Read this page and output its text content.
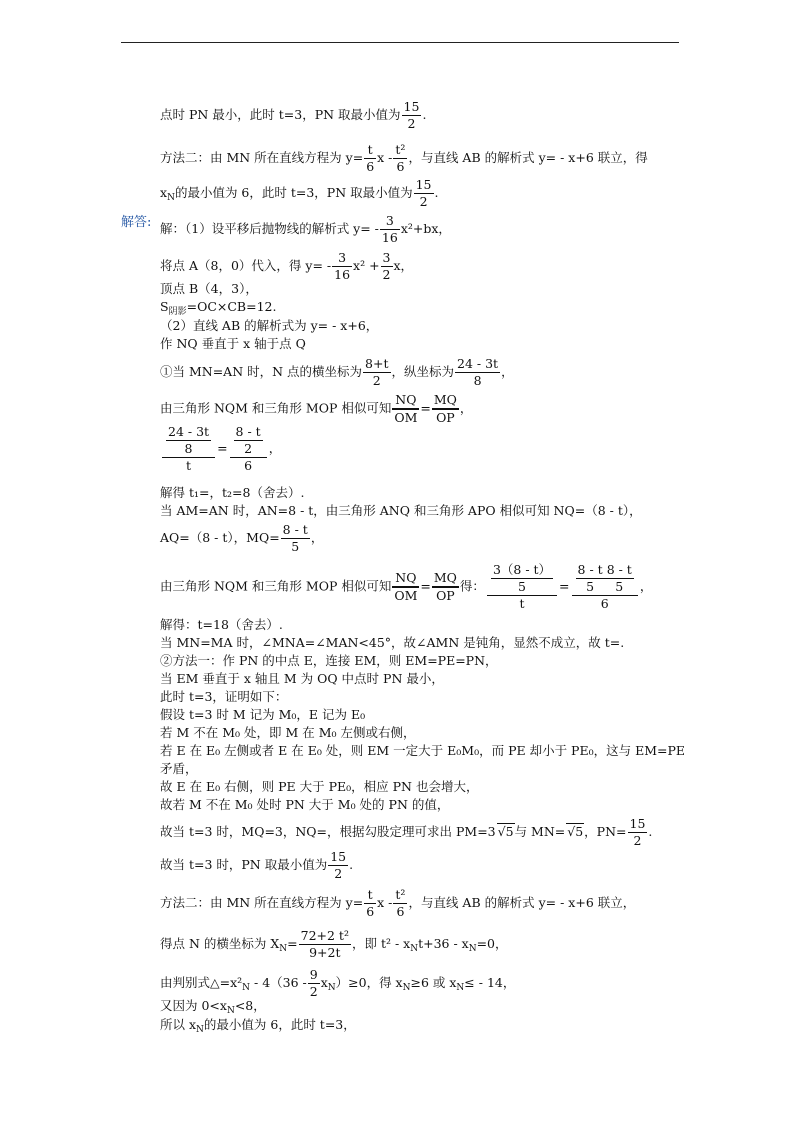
点时 PN 最小，此时 t=3，PN 取最小值为 $\frac{15}{2}$ .
方法二：由 MN 所在直线方程为 $y= \frac{t}{6}$ x - $\frac{\text{t²}}{6}$ ，与直线 AB 的解析式 y= - x+6 联立，得
$x_N$的最小值为 6，此时 t=3，PN 取最小值为 $\frac{15}{2}$ .
解答: 解：（1）设平移后抛物线的解析式 $y= - \frac{3}{16} x^2+bx$，
将点 A（8，0）代入，得 $y= - \frac{3}{16} x^2 + \frac{3}{2}$ x，
顶点 B（4，3），
$S_{阴影}=OC\times CB=12$.
（2）直线 AB 的解析式为 y= - x+6，
作 NQ 垂直于 x 轴于点 Q
①当 MN=AN 时，N 点的横坐标为 $\frac{8+t}{2}$ ，纵坐标为 $\frac{24 - 3t}{8}$ ，
由三角形 NQM 和三角形 MOP 相似可知 $\frac{NQ}{OM} = \frac{MQ}{OP}$ ，
$\frac{\frac{24 - 3t}{8}}{t} = \frac{\frac{8 - t}{2}}{6}$ ，
解得 t₁=，t₂=8（舍去）.
当 AM=AN 时，AN=8 - t，由三角形 ANQ 和三角形 APO 相似可知 NQ=（8 - t），
AQ=（8 - t），$MQ= \frac{8 - t}{5}$ ，
由三角形 NQM 和三角形 MOP 相似可知 $\frac{NQ}{OM} = \frac{MQ}{OP}$ 得： $\frac{\frac{3(8 - t)}{5}}{t} = \frac{\frac{8 - t}{5} \frac{8 - t}{5}}{6}$ ，
解得：t=18（舍去）.
当 MN=MA 时，∠MNA=∠MAN<45°，故∠AMN 是钝角，显然不成立，故 t=.
②方法一：作 PN 的中点 E，连接 EM，则 EM=PE=PN，
当 EM 垂直于 x 轴且 M 为 OQ 中点时 PN 最小，
此时 t=3，证明如下：
假设 t=3 时 M 记为 M₀，E 记为 E₀
若 M 不在 M₀ 处，即 M 在 M₀ 左侧或右侧，
若 E 在 E₀ 左侧或者 E 在 E₀ 处，则 EM 一定大于 E₀M₀，而 PE 却小于 PE₀，这与 EM=PE
矛盾，
故 E 在 E₀ 右侧，则 PE 大于 PE₀，相应 PN 也会增大，
故若 M 不在 M₀ 处时 PN 大于 M₀ 处的 PN 的值，
故当 t=3 时，MQ=3，NQ=，根据勾股定理可求出 PM=3 √5与 MN= √5，$PN= \frac{15}{2}$ .
故当 t=3 时，PN 取最小值为 $\frac{15}{2}$ .
方法二：由 MN 所在直线方程为 $y= \frac{t}{6}$ x - $\frac{\text{t²}}{6}$ ，与直线 AB 的解析式 y= - x+6 联立，
得点 N 的横坐标为 $X_N= \frac{\text{72+2 t²}}{9+2t}$ ，即 $t^2 - x_Nt+36 - x_N=0$，
由判别式$\triangle=x^2_N - 4(36 - \frac{9}{2} x_N)\ge 0$，得 $x_N\ge 6$ 或 $x_N\le - 14$，
又因为 $0<x_N<8$，
所以 $x_N$的最小值为 6，此时 t=3，
